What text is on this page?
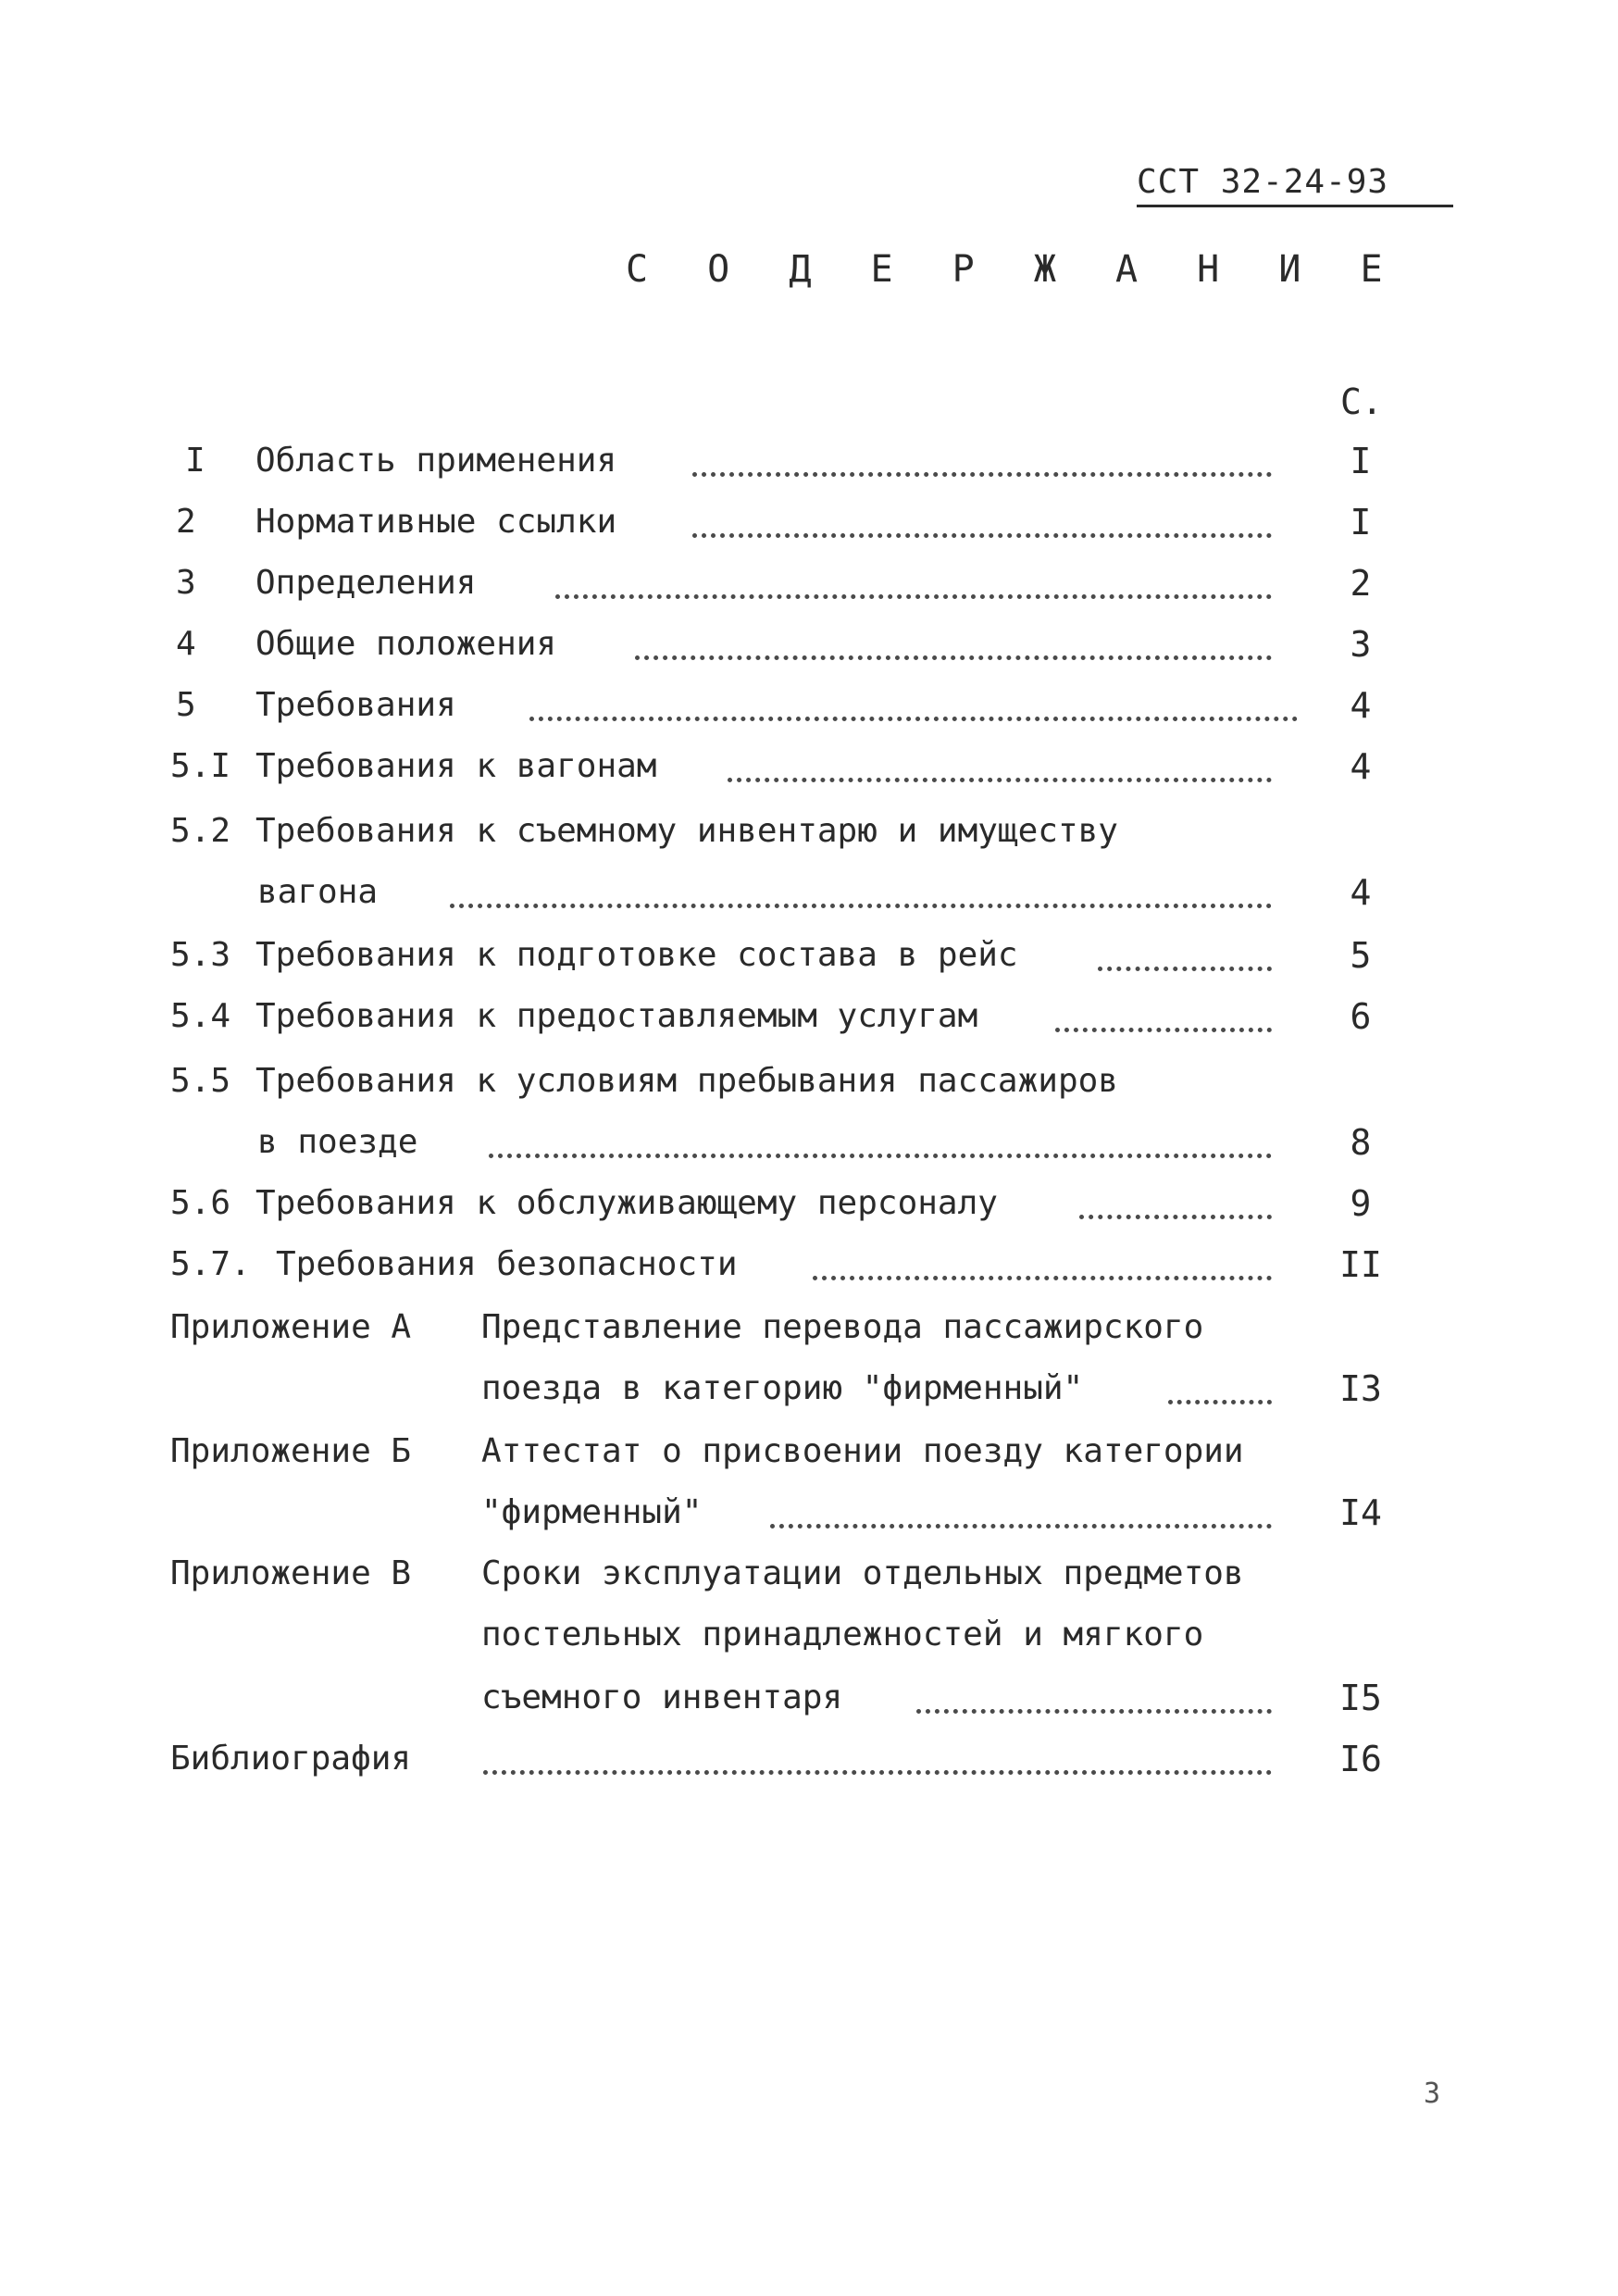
ССТ 32-24-93
С О Д Е Р Ж А Н И Е
С.
I Область применения	I
2 Нормативные ссылки	I
3 Определения	2
4 Общие положения	3
5 Требования	4
5.I Требования к вагонам	4
5.2 Требования к съемному инвентарю и имуществу
вагона	4
5.3 Требования к подготовке состава в рейс	5
5.4 Требования к предоставляемым услугам	6
5.5 Требования к условиям пребывания пассажиров
в поезде	8
5.6 Требования к обслуживающему персоналу	9
5.7. Требования безопасности	II
Приложение А Представление перевода пассажирского
поезда в категорию "фирменный"	I3
Приложение Б Аттестат о присвоении поезду категории
"фирменный"	I4
Приложение В Сроки эксплуатации отдельных предметов
постельных принадлежностей и мягкого
съемного инвентаря	I5
Библиография	I6
3
